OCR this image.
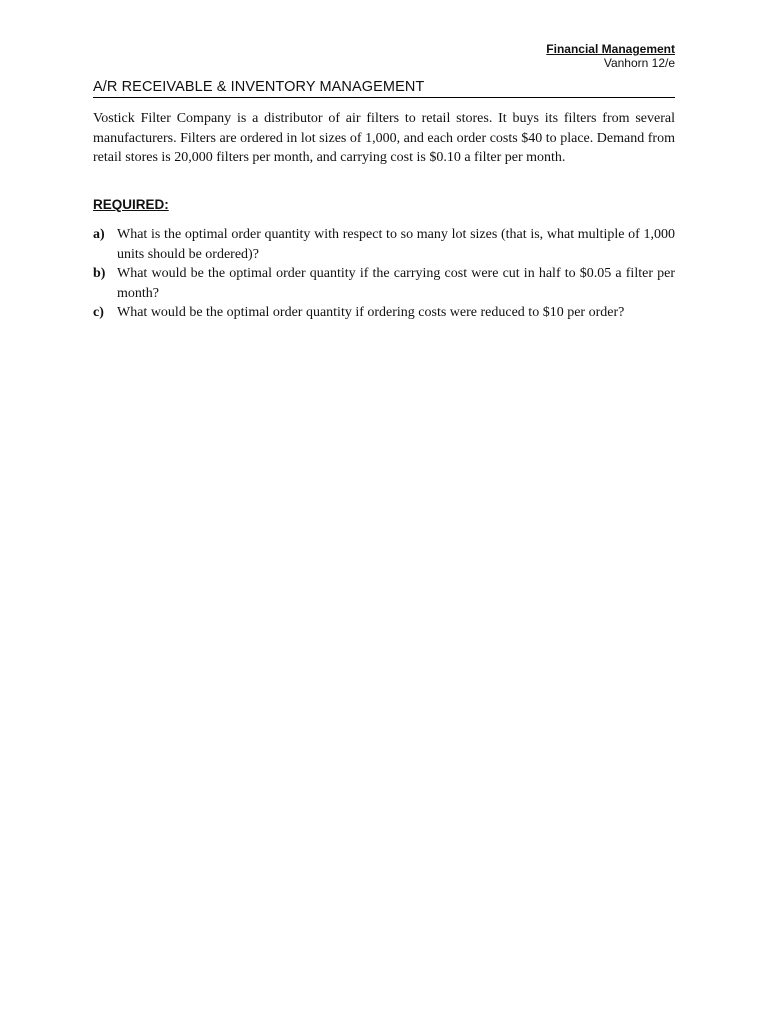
Financial Management
Vanhorn 12/e
A/R RECEIVABLE & INVENTORY MANAGEMENT

Vostick Filter Company is a distributor of air filters to retail stores. It buys its filters from several manufacturers. Filters are ordered in lot sizes of 1,000, and each order costs $40 to place. Demand from retail stores is 20,000 filters per month, and carrying cost is $0.10 a filter per month.

REQUIRED:
a) What is the optimal order quantity with respect to so many lot sizes (that is, what multiple of 1,000 units should be ordered)?
b) What would be the optimal order quantity if the carrying cost were cut in half to $0.05 a filter per month?
c) What would be the optimal order quantity if ordering costs were reduced to $10 per order?
